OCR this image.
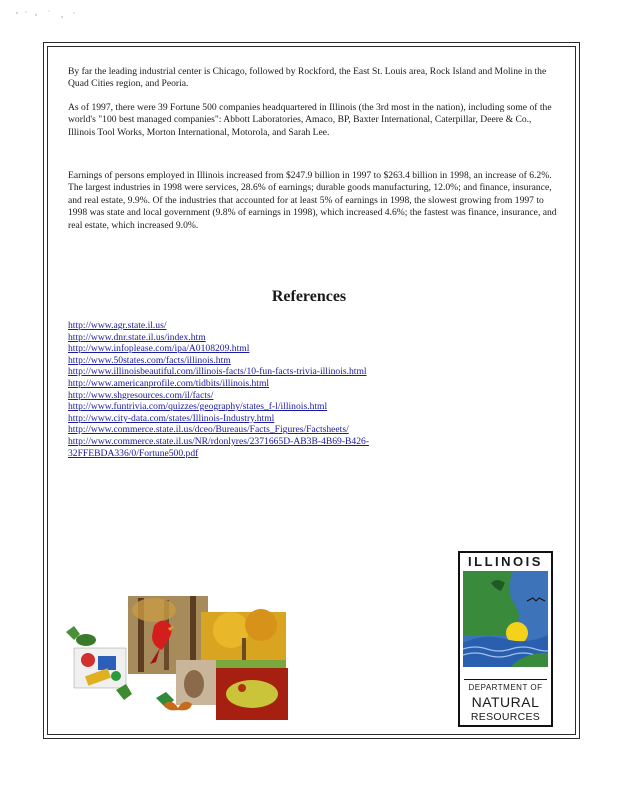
By far the leading industrial center is Chicago, followed by Rockford, the East St. Louis area, Rock Island and Moline in the Quad Cities region, and Peoria.

As of 1997, there were 39 Fortune 500 companies headquartered in Illinois (the 3rd most in the nation), including some of the world's "100 best managed companies": Abbott Laboratories, Amaco, BP, Baxter International, Caterpillar, Deere & Co., Illinois Tool Works, Morton International, Motorola, and Sarah Lee.

Earnings of persons employed in Illinois increased from $247.9 billion in 1997 to $263.4 billion in 1998, an increase of 6.2%. The largest industries in 1998 were services, 28.6% of earnings; durable goods manufacturing, 12.0%; and finance, insurance, and real estate, 9.9%. Of the industries that accounted for at least 5% of earnings in 1998, the slowest growing from 1997 to 1998 was state and local government (9.8% of earnings in 1998), which increased 4.6%; the fastest was finance, insurance, and real estate, which increased 9.0%.

References
http://www.agr.state.il.us/
http://www.dnr.state.il.us/index.htm
http://www.infoplease.com/ipa/A0108209.html
http://www.50states.com/facts/illinois.htm
http://www.illinoisbeautiful.com/illinois-facts/10-fun-facts-trivia-illinois.html
http://www.americanprofile.com/tidbits/illinois.html
http://www.shgresources.com/il/facts/
http://www.funtrivia.com/quizzes/geography/states_f-l/illinois.html
http://www.city-data.com/states/Illinois-Industry.html
http://www.commerce.state.il.us/dceo/Bureaus/Facts_Figures/Factsheets/
http://www.commerce.state.il.us/NR/rdonlyres/2371665D-AB3B-4B69-B426-
32FFEBDA336/0/Fortune500.pdf
ILLINOIS
DEPARTMENT OF
NATURAL
RESOURCES
